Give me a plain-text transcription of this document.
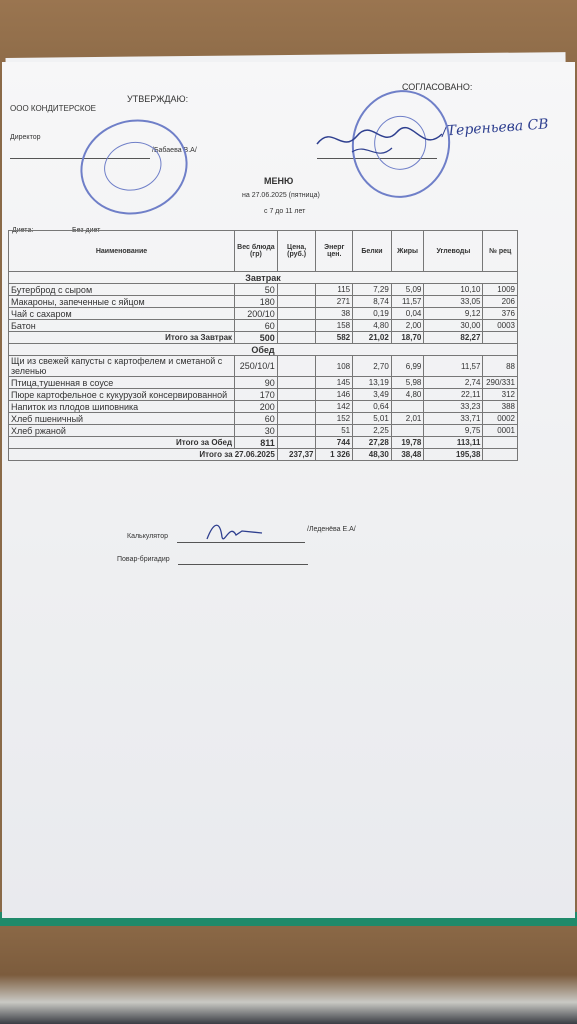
ООО КОНДИТЕРСКОЕ
УТВЕРЖДАЮ:
СОГЛАСОВАНО:
Директор
/Бабаева В.А/
/Тереньева СВ
МЕНЮ
на 27.06.2025 (пятница)
с 7 до 11 лет
Диета:	Без диет
Наименование	Вес блюда (гр)	Цена, (руб.)	Энерг цен.	Белки	Жиры	Углеводы	№ рец
Завтрак							
Бутерброд с сыром	50		115	7,29	5,09	10,10	1009
Макароны, запеченные с яйцом	180		271	8,74	11,57	33,05	206
Чай с сахаром	200/10		38	0,19	0,04	9,12	376
Батон	60		158	4,80	2,00	30,00	0003
Итого за Завтрак	500		582	21,02	18,70	82,27	
Обед							
Щи из свежей капусты с картофелем и сметаной с зеленью	250/10/1		108	2,70	6,99	11,57	88
Птица,тушенная в соусе	90		145	13,19	5,98	2,74	290/331
Пюре картофельное с кукурузой консервированной	170		146	3,49	4,80	22,11	312
Напиток из плодов шиповника	200		142	0,64		33,23	388
Хлеб пшеничный	60		152	5,01	2,01	33,71	0002
Хлеб ржаной	30		51	2,25		9,75	0001
Итого за Обед	811		744	27,28	19,78	113,11	
Итого за 27.06.2025		237,37	1 326	48,30	38,48	195,38	
Калькулятор
/Леденёва Е.А/
Повар-бригадир
